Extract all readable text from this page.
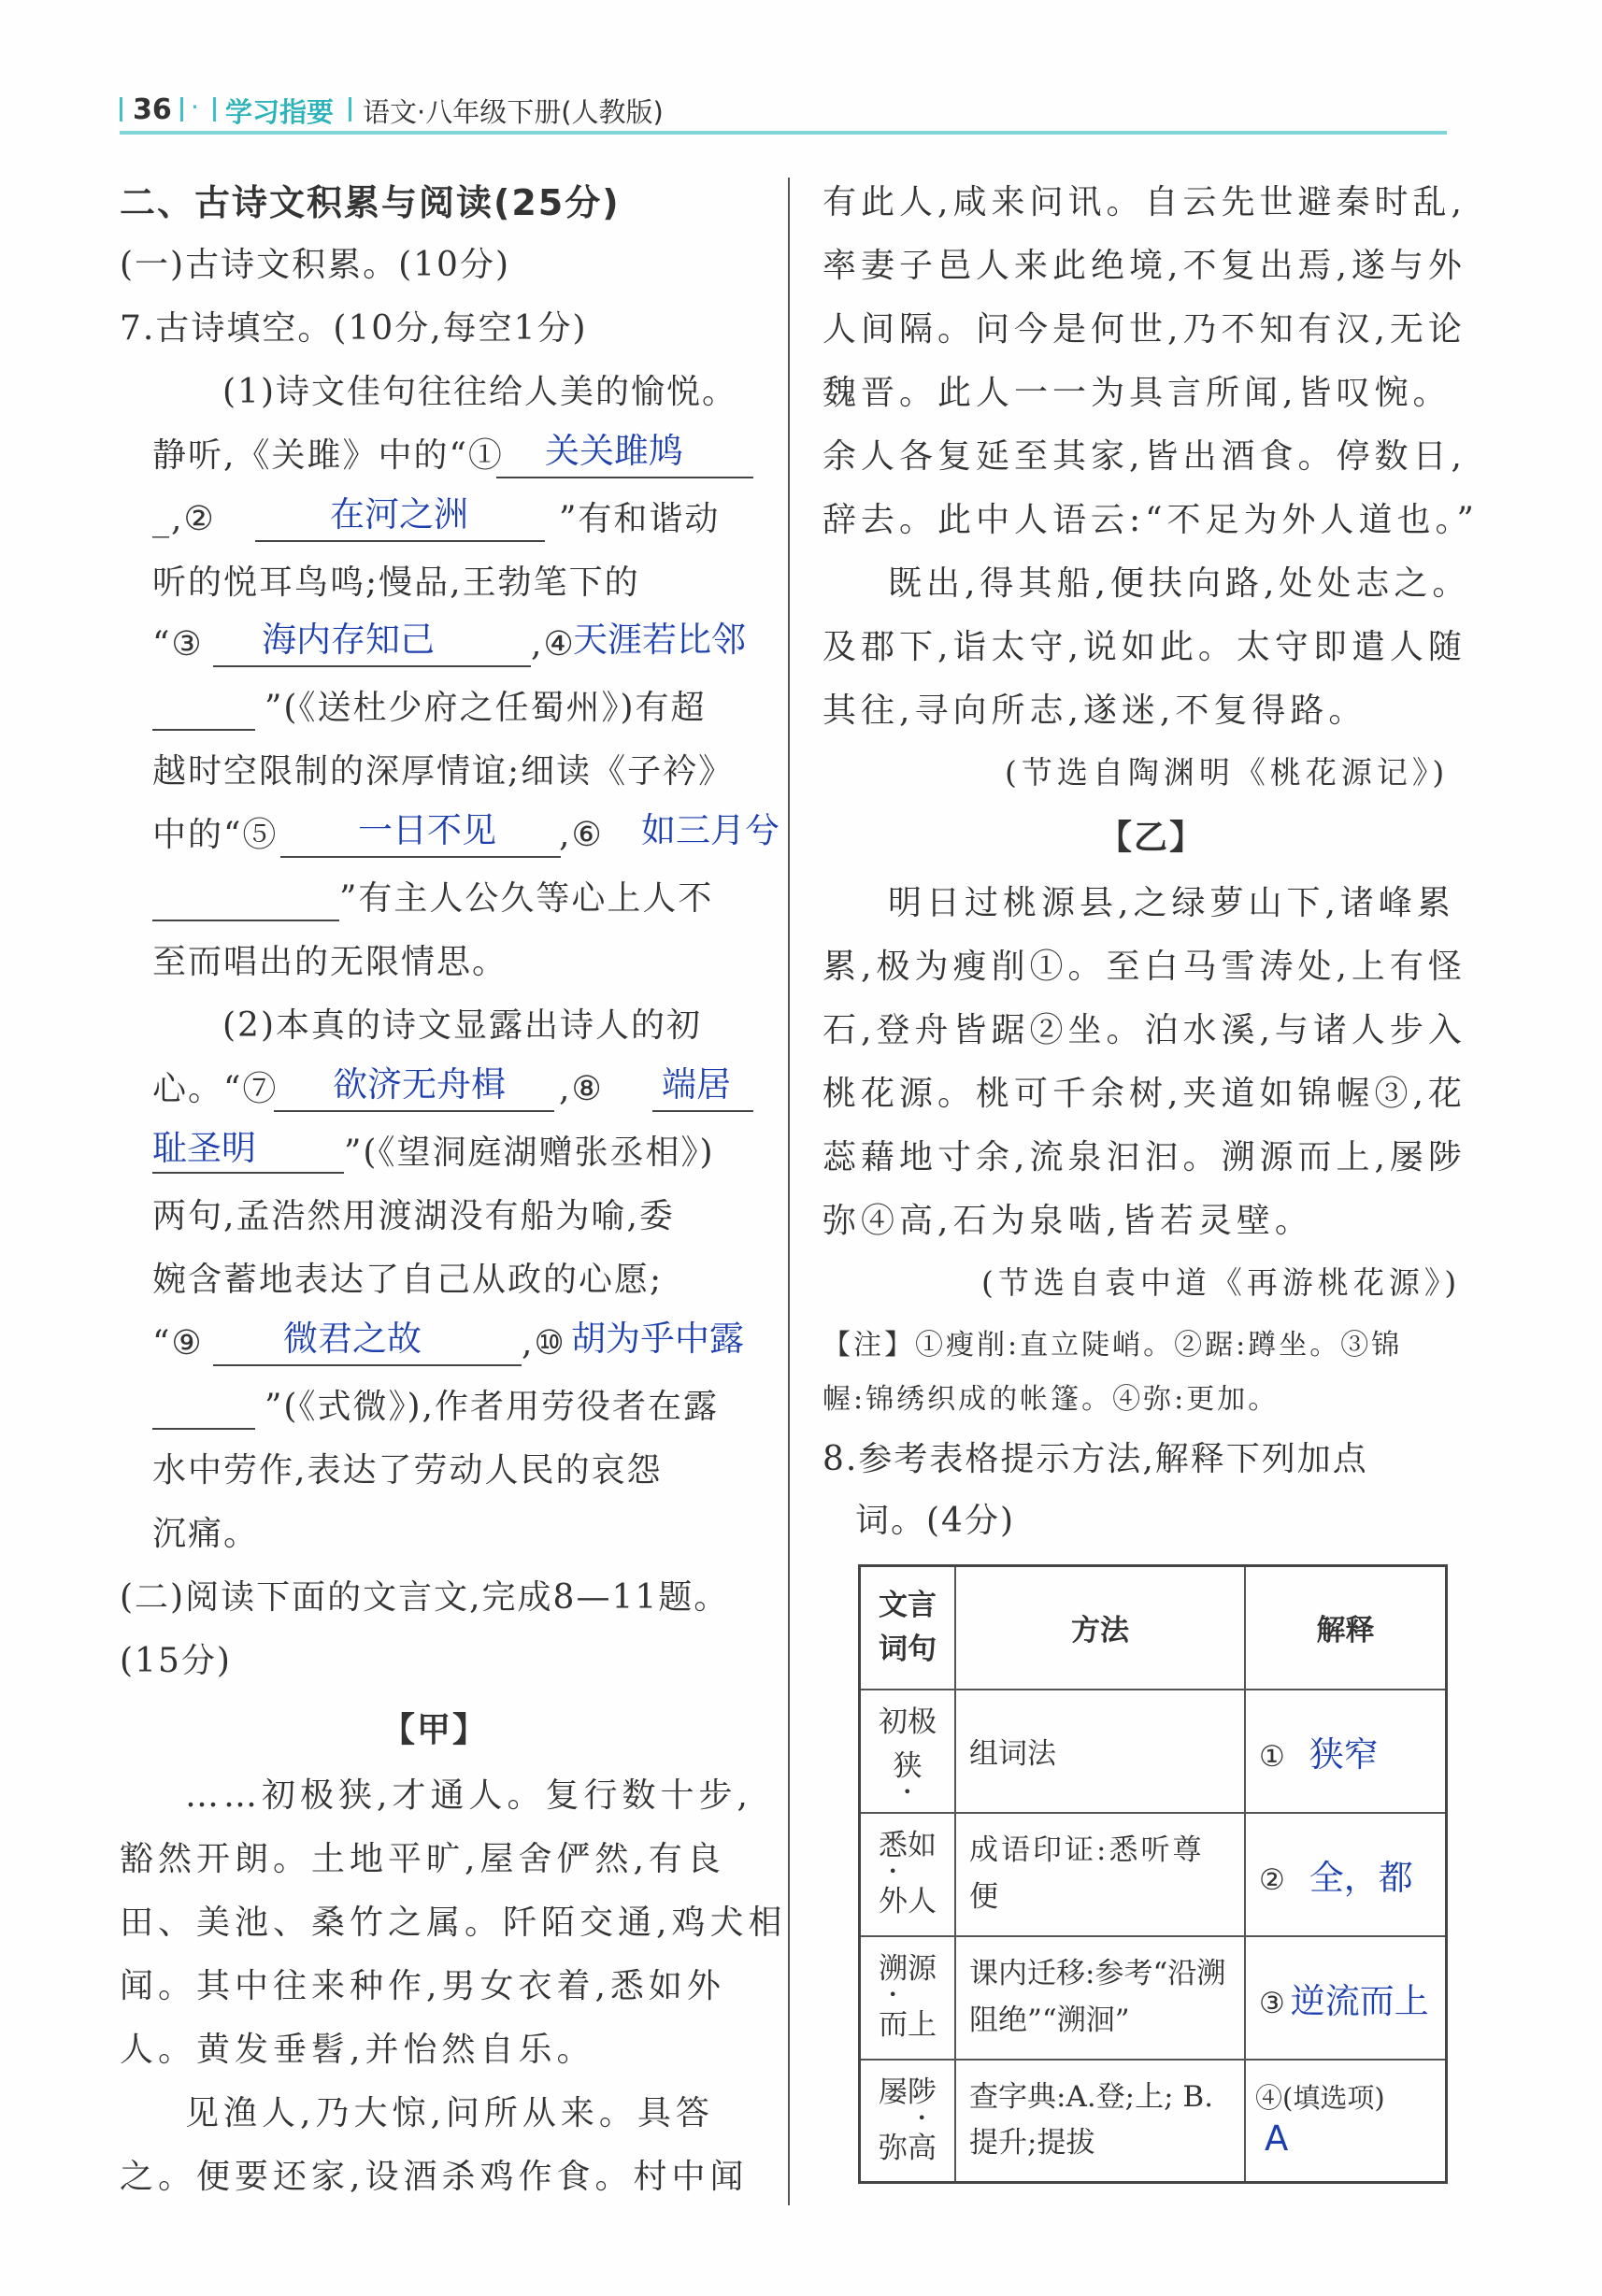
36 · 学习指要 语文·八年级下册(人教版)
二、古诗文积累与阅读(25分)
(一)古诗文积累。(10分)
7.古诗填空。(10分,每空1分)
(1)诗文佳句往往给人美的愉悦。
静听,《关雎》中的“① 关关雎鸠
_,②	在河之洲	”有和谐动
听的悦耳鸟鸣;慢品,王勃笔下的
“③ 海内存知己	,④
天涯若比邻
”(《送杜少府之任蜀州》)有超
越时空限制的深厚情谊;细读《子衿》
中的“⑤ 一日不见 ,⑥ 如三月兮
”有主人公久等心上人不
至而唱出的无限情思。
(2)本真的诗文显露出诗人的初
心。“⑦ 欲济无舟楫 ,⑧ 端居
耻圣明	”(《望洞庭湖赠张丞相》)
两句,孟浩然用渡湖没有船为喻,委
婉含蓄地表达了自己从政的心愿;
“⑨ 微君之故	,⑩ 胡为乎中露
”(《式微》),作者用劳役者在露
水中劳作,表达了劳动人民的哀怨
沉痛。
(二)阅读下面的文言文,完成8—11题。
(15分)
【甲】
……初极狭,才通人。复行数十步,
豁然开朗。土地平旷,屋舍俨然,有良
田、美池、桑竹之属。阡陌交通,鸡犬相
闻。其中往来种作,男女衣着,悉如外
人。黄发垂髫,并怡然自乐。
见渔人,乃大惊,问所从来。具答
之。便要还家,设酒杀鸡作食。村中闻
有此人,咸来问讯。自云先世避秦时乱,
率妻子邑人来此绝境,不复出焉,遂与外
人间隔。问今是何世,乃不知有汉,无论
魏晋。此人一一为具言所闻,皆叹惋。
余人各复延至其家,皆出酒食。停数日,
辞去。此中人语云:“不足为外人道也。”
既出,得其船,便扶向路,处处志之。
及郡下,诣太守,说如此。太守即遣人随
其往,寻向所志,遂迷,不复得路。
(节选自陶渊明《桃花源记》)
【乙】
明日过桃源县,之绿萝山下,诸峰累
累,极为瘦削①。至白马雪涛处,上有怪
石,登舟皆踞②坐。泊水溪,与诸人步入
桃花源。桃可千余树,夹道如锦幄③,花
蕊藉地寸余,流泉汩汩。溯源而上,屡陟
弥④高,石为泉啮,皆若灵壁。
(节选自袁中道《再游桃花源》)
【注】①瘦削:直立陡峭。②踞:蹲坐。③锦
幄:锦绣织成的帐篷。④弥:更加。
8.参考表格提示方法,解释下列加点
词。(4分)
文言
词句	方法	解释
初极
狭	组词法	① 狭窄
悉如
外人	成语印证:悉听尊便	② 全，都
溯源
而上	课内迁移:参考“沿溯阻绝”“溯洄”	③ 逆流而上
屡陟
弥高	查字典:A.登;上; B.提升;提拔	④(填选项)
A
